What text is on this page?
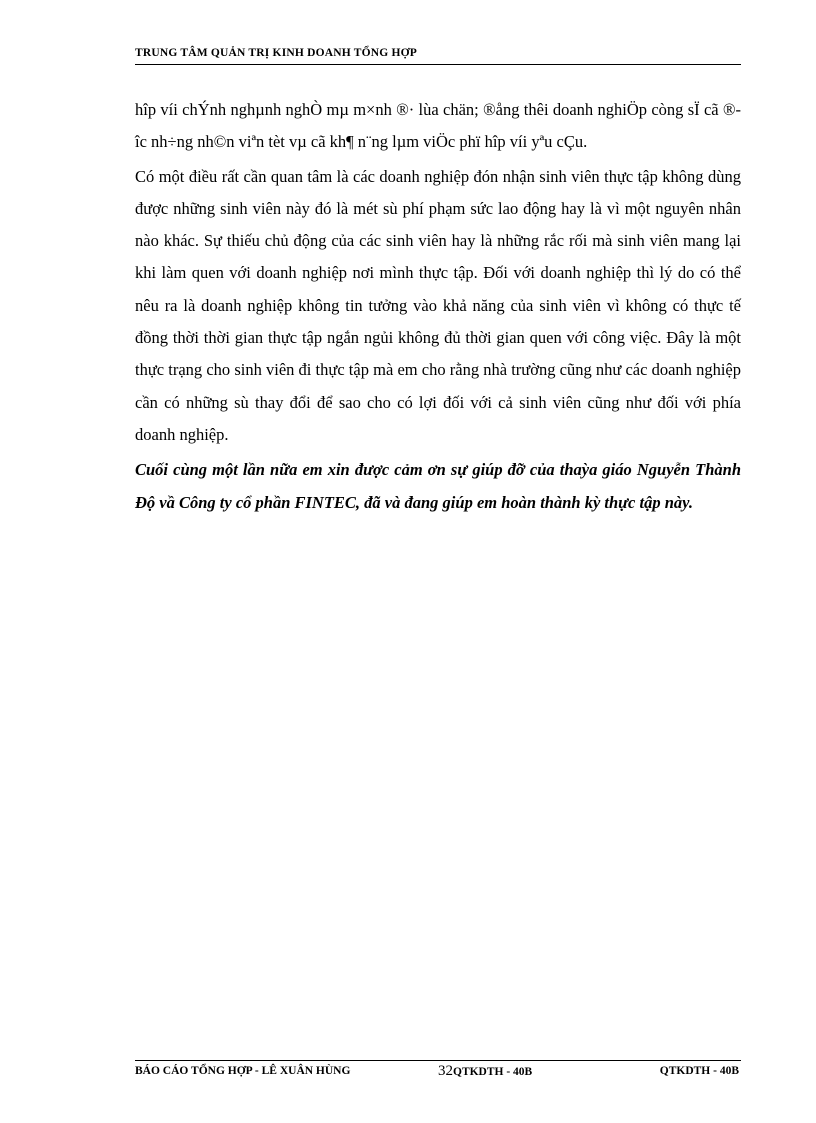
TRUNG TÂM QUẢN TRỊ KINH DOANH TỔNG HỢP

hîp víi chÝnh nghµnh nghÒ mµ m×nh ®· lùa chän; ®ång thêi doanh nghiÖp còng sÏ cã ®îc nh÷ng nh©n viªn tèt vµ cã kh¶ n¨ng lµm viÖc phï hîp víi yªu cÇu.

Có một điều rất cần quan tâm là các doanh nghiệp đón nhận sinh viên thực tập không dùng được những sinh viên này đó là mét sù phí phạm sức lao động hay là vì một nguyên nhân nào khác. Sự thiếu chủ động của các sinh viên hay là những rắc rối mà sinh viên mang lại khi làm quen với doanh nghiệp nơi mình thực tập. Đối với doanh nghiệp thì lý do có thể nêu ra là doanh nghiệp không tin tưởng vào khả năng của sinh viên vì không có thực tế đồng thời thời gian thực tập ngắn ngủi không đủ thời gian quen với công việc. Đây là một thực trạng cho sinh viên đi thực tập mà em cho rằng nhà trường cũng như các doanh nghiệp cần có những sù thay đổi để sao cho có lợi đối với cả sinh viên cũng như đối với phía doanh nghiệp.

Cuối cùng một lần nữa em xin được cảm ơn sự giúp đỡ của thaỳa giáo Nguyễn Thành Độ vầ Công ty cổ phần FINTEC, đã và đang giúp em hoàn thành kỳ thực tập này.

BÁO CÁO TỔNG HỢP - LÊ XUÂN HÙNG	32QTKDTH - 40B	QTKDTH - 40B
